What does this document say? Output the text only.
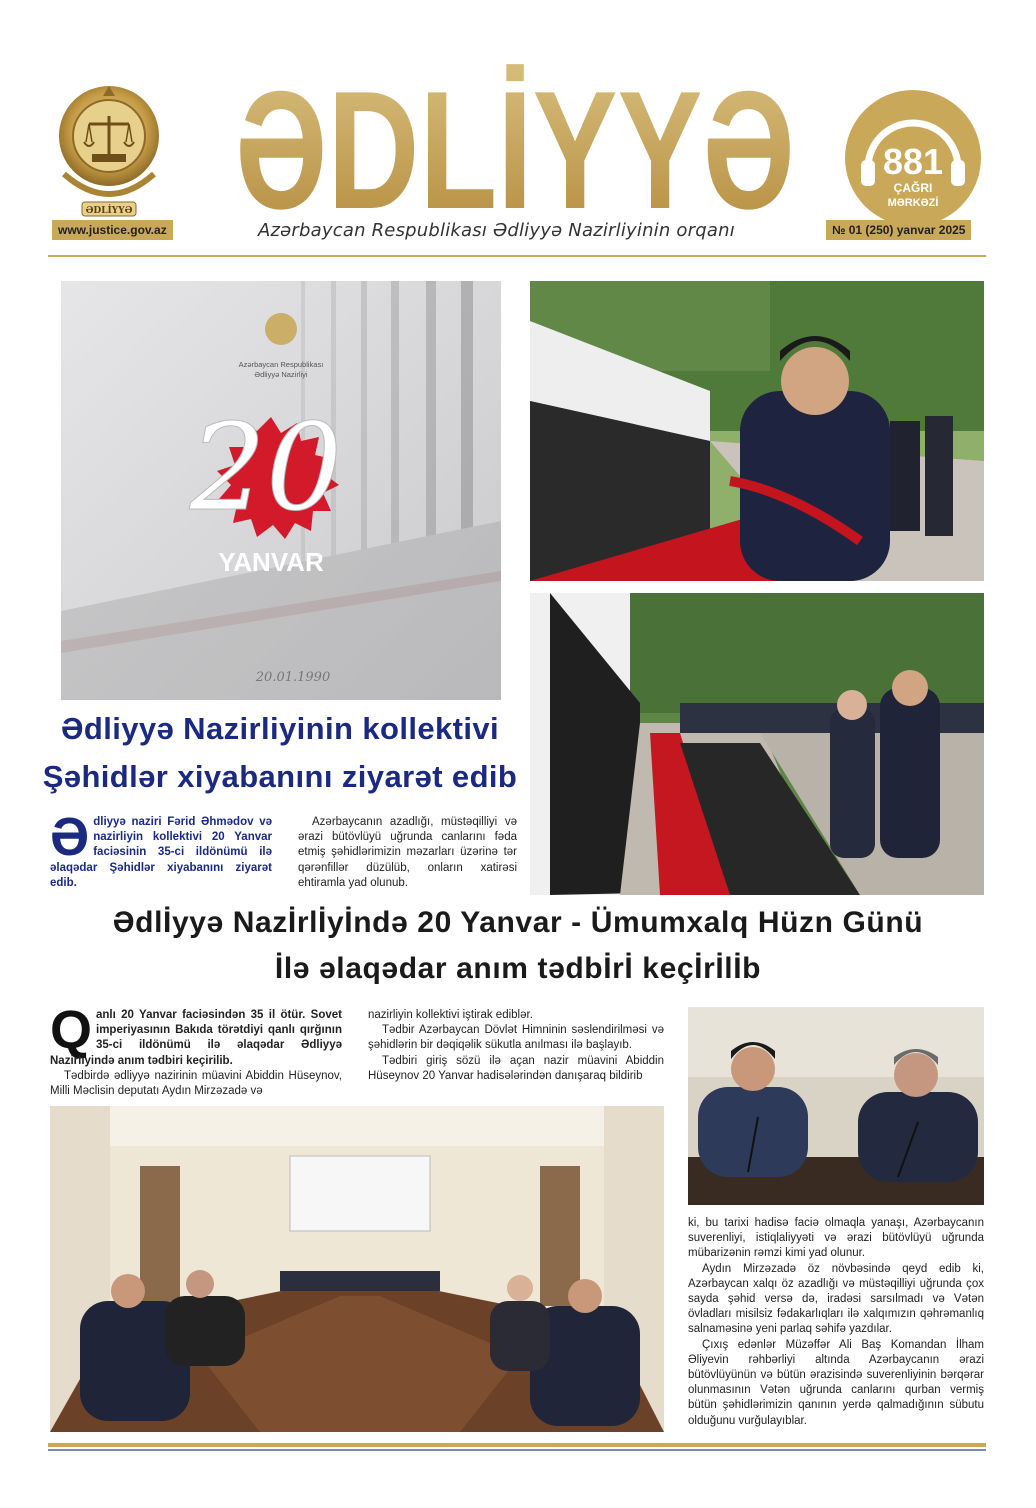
ƏDLİYYƏ ƏDLİYYƏ 881
ÇAĞRI
MƏRKƏZİ
www.justice.gov.az	Azərbaycan Respublikası Ədliyyə Nazirliyinin orqanı	№ 01 (250) yanvar 2025
Azərbaycan Respublikası
Ədliyyə Nazirliyi
20
YANVAR
20.01.1990
Ədliyyə Nazirliyinin kollektivi
Şəhidlər xiyabanını ziyarət edib
Ə dliyyə naziri Fərid Əhmədov və nazirliyin kollektivi 20 Yanvar faciəsinin 35-ci ildönümü ilə əlaqədar Şəhidlər xiyabanını ziyarət edib.

Azərbaycanın azadlığı, müstəqilliyi və ərazi bütövlüyü uğrunda canlarını fəda etmiş şəhidlərimizin məzarları üzərinə tər qərənfillər düzülüb, onların xatirəsi ehtiramla yad olunub.

Ədlİyyə Nazİrlİyİndə 20 Yanvar - Ümumxalq Hüzn Günü
İlə əlaqədar anım tədbİrİ keçİrİlİb
Q anlı 20 Yanvar faciəsindən 35 il ötür. Sovet imperiyasının Bakıda törətdiyi qanlı qırğının 35-ci ildönümü ilə əlaqədar Ədliyyə Nazirliyində anım tədbiri keçirilib.

Tədbirdə ədliyyə nazirinin müavini Abiddin Hüseynov, Milli Məclisin deputatı Aydın Mirzəzadə və

nazirliyin kollektivi iştirak ediblər.

Tədbir Azərbaycan Dövlət Himninin səslendirilməsi və şəhidlərin bir dəqiqəlik sükutla anılması ilə başlayıb.

Tədbiri giriş sözü ilə açan nazir müavini Abiddin Hüseynov 20 Yanvar hadisələrindən danışaraq bildirib

ki, bu tarixi hadisə faciə olmaqla yanaşı, Azərbaycanın suverenliyi, istiqlaliyyəti və ərazi bütövlüyü uğrunda mübarizənin rəmzi kimi yad olunur.

Aydın Mirzəzadə öz növbəsində qeyd edib ki, Azərbaycan xalqı öz azadlığı və müstəqilliyi uğrunda çox sayda şəhid versə də, iradəsi sarsılmadı və Vətən övladları misilsiz fədakarlıqları ilə xalqımızın qəhrəmanlıq salnaməsinə yeni parlaq səhifə yazdılar.

Çıxış edənlər Müzəffər Ali Baş Komandan İlham Əliyevin rəhbərliyi altında Azərbaycanın ərazi bütövlüyünün və bütün ərazisində suverenliyinin bərqərar olunmasının Vətən uğrunda canlarını qurban vermiş bütün şəhidlərimizin qanının yerdə qalmadığının sübutu olduğunu vurğulayıblar.
